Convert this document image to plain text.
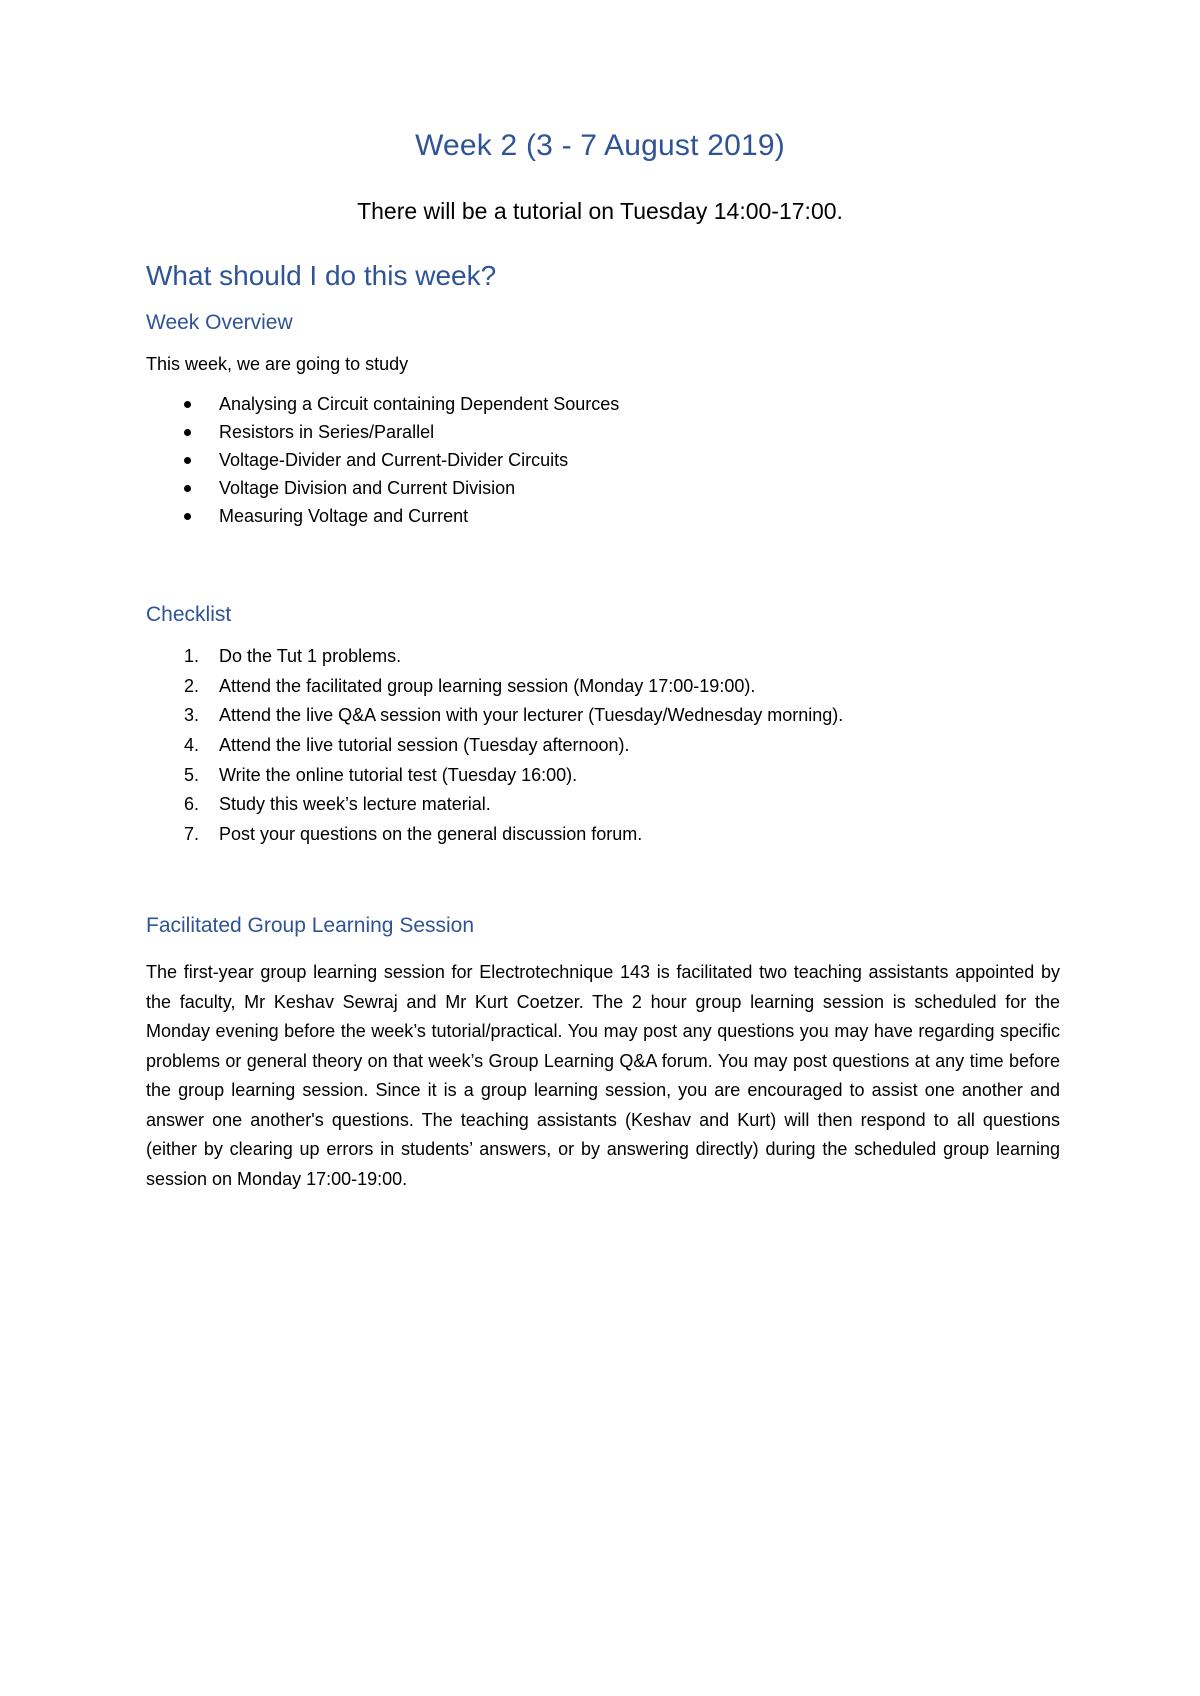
Week 2 (3 - 7 August 2019)
There will be a tutorial on Tuesday 14:00-17:00.
What should I do this week?
Week Overview
This week, we are going to study
Analysing a Circuit containing Dependent Sources
Resistors in Series/Parallel
Voltage-Divider and Current-Divider Circuits
Voltage Division and Current Division
Measuring Voltage and Current
Checklist
1.	Do the Tut 1 problems.
2.	Attend the facilitated group learning session (Monday 17:00-19:00).
3.	Attend the live Q&A session with your lecturer (Tuesday/Wednesday morning).
4.	Attend the live tutorial session (Tuesday afternoon).
5.	Write the online tutorial test (Tuesday 16:00).
6.	Study this week’s lecture material.
7.	Post your questions on the general discussion forum.
Facilitated Group Learning Session

The first-year group learning session for Electrotechnique 143 is facilitated two teaching assistants appointed by the faculty, Mr Keshav Sewraj and Mr Kurt Coetzer. The 2 hour group learning session is scheduled for the Monday evening before the week’s tutorial/practical. You may post any questions you may have regarding specific problems or general theory on that week’s Group Learning Q&A forum. You may post questions at any time before the group learning session. Since it is a group learning session, you are encouraged to assist one another and answer one another's questions. The teaching assistants (Keshav and Kurt) will then respond to all questions (either by clearing up errors in students’ answers, or by answering directly) during the scheduled group learning session on Monday 17:00-19:00.
